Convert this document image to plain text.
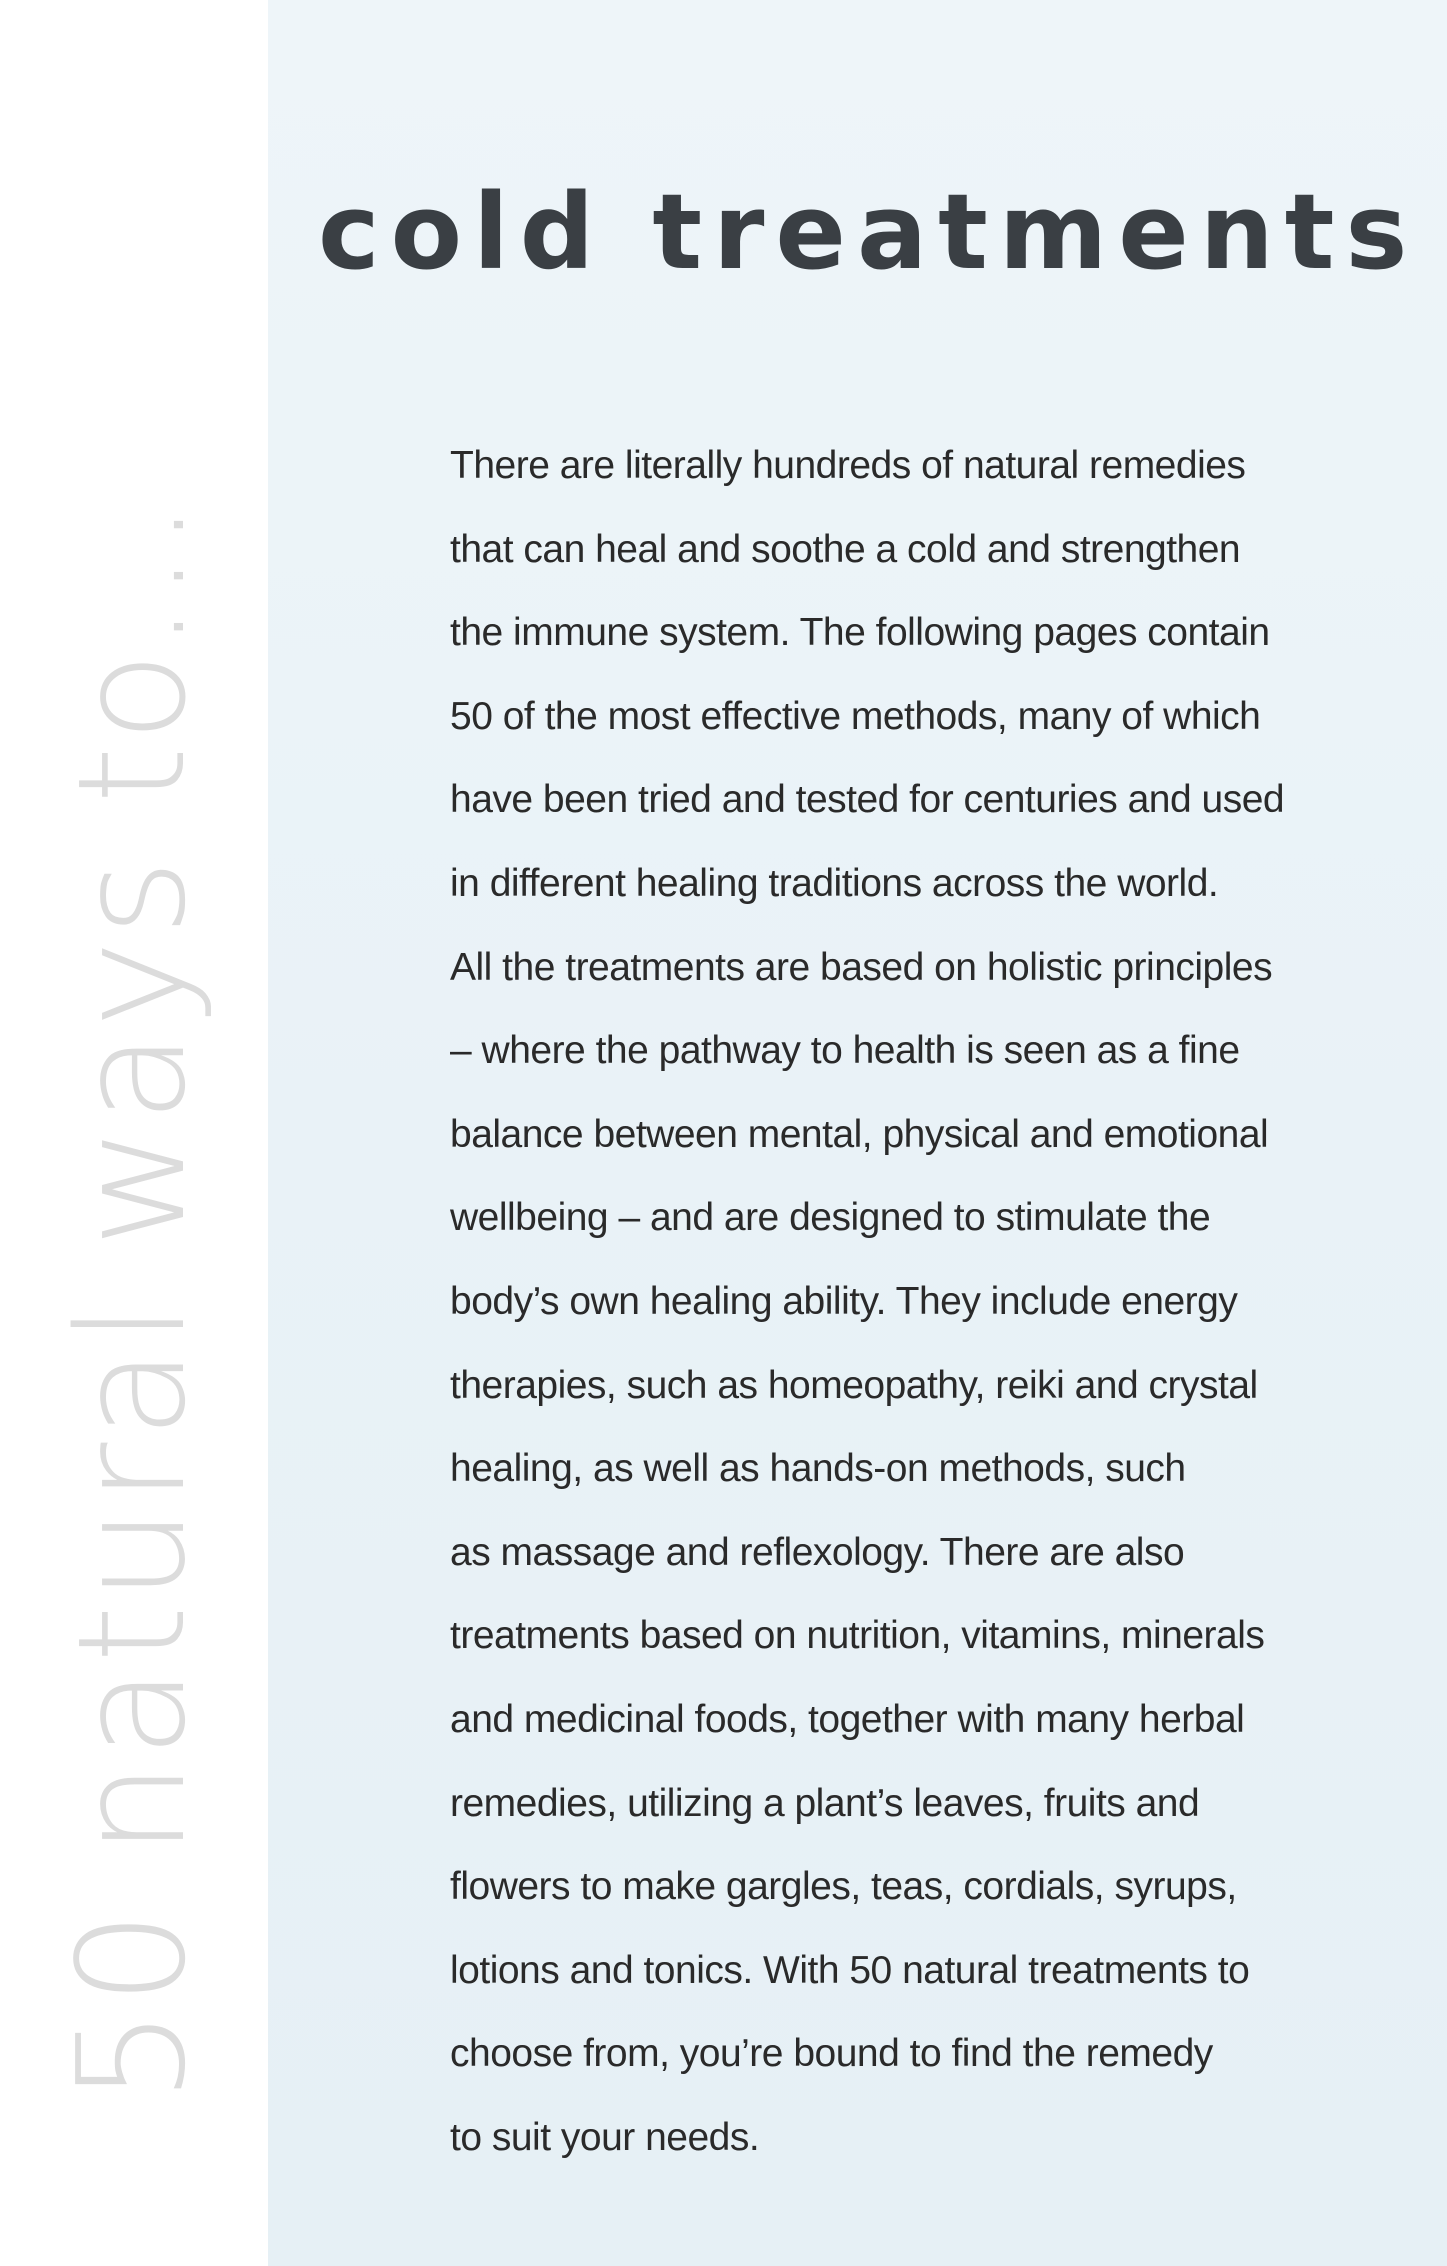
50 natural ways to...
cold treatments

There are literally hundreds of natural remedies
that can heal and soothe a cold and strengthen
the immune system. The following pages contain
50 of the most effective methods, many of which
have been tried and tested for centuries and used
in different healing traditions across the world.
All the treatments are based on holistic principles
– where the pathway to health is seen as a fine
balance between mental, physical and emotional
wellbeing – and are designed to stimulate the
body’s own healing ability. They include energy
therapies, such as homeopathy, reiki and crystal
healing, as well as hands-on methods, such
as massage and reflexology. There are also
treatments based on nutrition, vitamins, minerals
and medicinal foods, together with many herbal
remedies, utilizing a plant’s leaves, fruits and
flowers to make gargles, teas, cordials, syrups,
lotions and tonics. With 50 natural treatments to
choose from, you’re bound to find the remedy
to suit your needs.
